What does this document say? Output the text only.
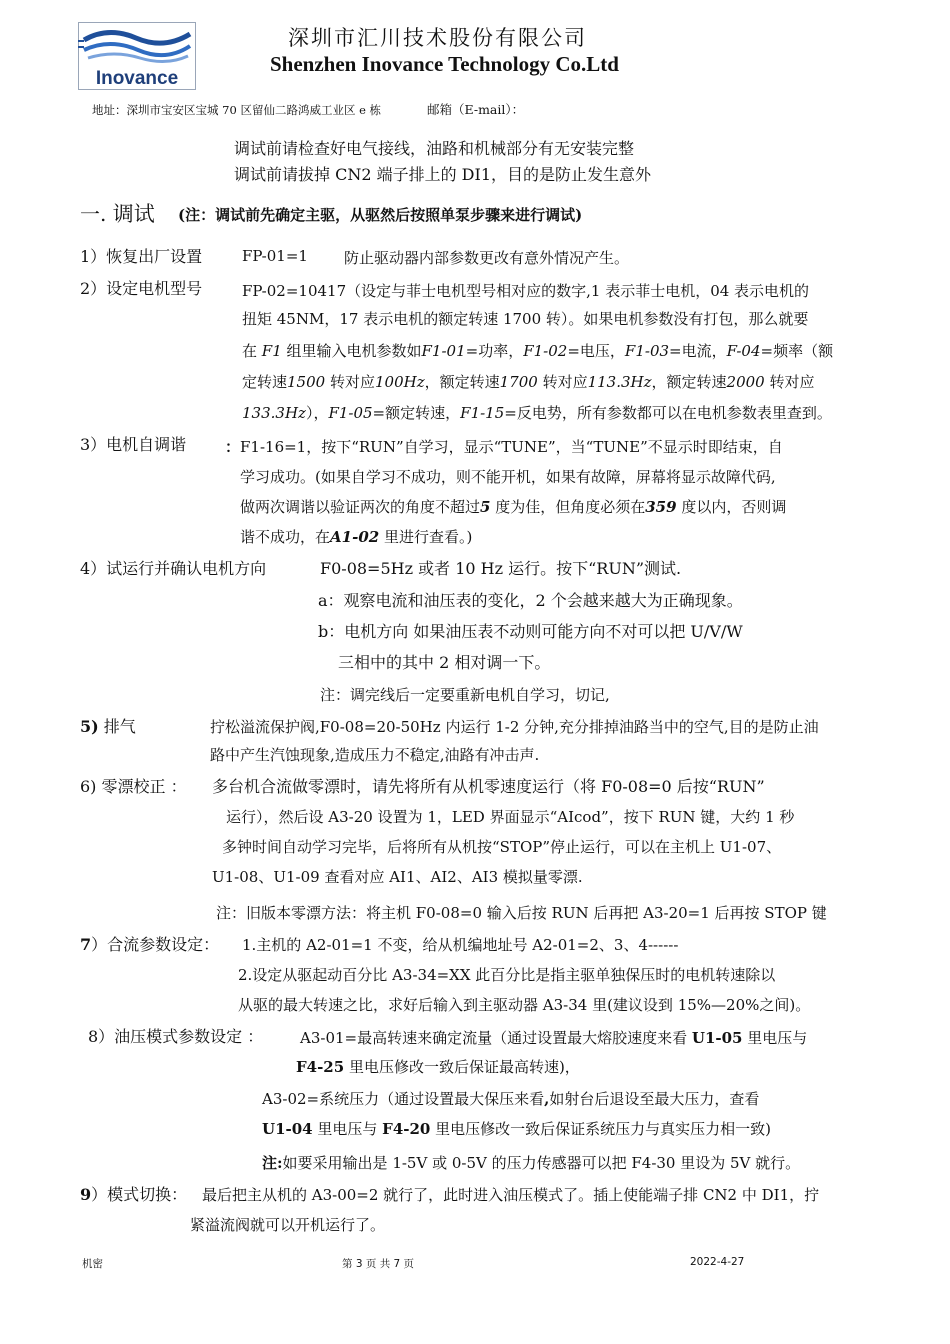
Inovance
深圳市汇川技术股份有限公司
Shenzhen Inovance Technology Co.Ltd
地址：深圳市宝安区宝城 70 区留仙二路鸿威工业区 e 栋	邮箱（E-mail）：
调试前请检查好电气接线，油路和机械部分有无安装完整
调试前请拔掉 CN2 端子排上的 DI1，目的是防止发生意外
一. 调试 (注：调试前先确定主驱，从驱然后按照单泵步骤来进行调试)
1）恢复出厂设置	FP-01=1 防止驱动器内部参数更改有意外情况产生。
2）设定电机型号	FP-02=10417（设定与菲士电机型号相对应的数字,1 表示菲士电机，04 表示电机的
扭矩 45NM，17 表示电机的额定转速 1700 转）。如果电机参数没有打包，那么就要
在 F1 组里输入电机参数如F1-01=功率，F1-02=电压，F1-03=电流，F-04=频率（额
定转速1500 转对应100Hz，额定转速1700 转对应113.3Hz，额定转速2000 转对应
133.3Hz），F1-05=额定转速，F1-15=反电势，所有参数都可以在电机参数表里查到。
3）电机自调谐	： F1-16=1，按下“RUN”自学习，显示“TUNE”，当“TUNE”不显示时即结束，自
学习成功。(如果自学习不成功，则不能开机，如果有故障，屏幕将显示故障代码,
做两次调谐以验证两次的角度不超过5 度为佳，但角度必须在359 度以内，否则调
谐不成功，在A1-02 里进行查看。)
4）试运行并确认电机方向	F0-08=5Hz 或者 10 Hz 运行。按下“RUN”测试.
a：观察电流和油压表的变化，2 个会越来越大为正确现象。
b：电机方向 如果油压表不动则可能方向不对可以把 U/V/W
三相中的其中 2 相对调一下。
注：调完线后一定要重新电机自学习，切记,
5) 排气	拧松溢流保护阀,F0-08=20-50Hz 内运行 1-2 分钟,充分排掉油路当中的空气,目的是防止油
路中产生汽蚀现象,造成压力不稳定,油路有冲击声.
6) 零漂校正 ： 多台机合流做零漂时，请先将所有从机零速度运行（将 F0-08=0 后按“RUN”
运行），然后设 A3-20 设置为 1，LED 界面显示“AIcod”，按下 RUN 键，大约 1 秒
多钟时间自动学习完毕，后将所有从机按“STOP”停止运行，可以在主机上 U1-07、
U1-08、U1-09 查看对应 AI1、AI2、AI3 模拟量零漂.
注：旧版本零漂方法：将主机 F0-08=0 输入后按 RUN 后再把 A3-20=1 后再按 STOP 键
7）合流参数设定： 1.主机的 A2-01=1 不变，给从机编地址号 A2-01=2、3、4------
2.设定从驱起动百分比 A3-34=XX 此百分比是指主驱单独保压时的电机转速除以
从驱的最大转速之比，求好后输入到主驱动器 A3-34 里(建议设到 15%—20%之间)。
8）油压模式参数设定 ： A3-01=最高转速来确定流量（通过设置最大熔胶速度来看 U1-05 里电压与
F4-25 里电压修改一致后保证最高转速)，
A3-02=系统压力（通过设置最大保压来看,如射台后退设至最大压力，查看
U1-04 里电压与 F4-20 里电压修改一致后保证系统压力与真实压力相一致)
注:如要采用输出是 1-5V 或 0-5V 的压力传感器可以把 F4-30 里设为 5V 就行。
9）模式切换： 最后把主从机的 A3-00=2 就行了，此时进入油压模式了。插上使能端子排 CN2 中 DI1，拧
紧溢流阀就可以开机运行了。
机密	第 3 页 共 7 页	2022-4-27
